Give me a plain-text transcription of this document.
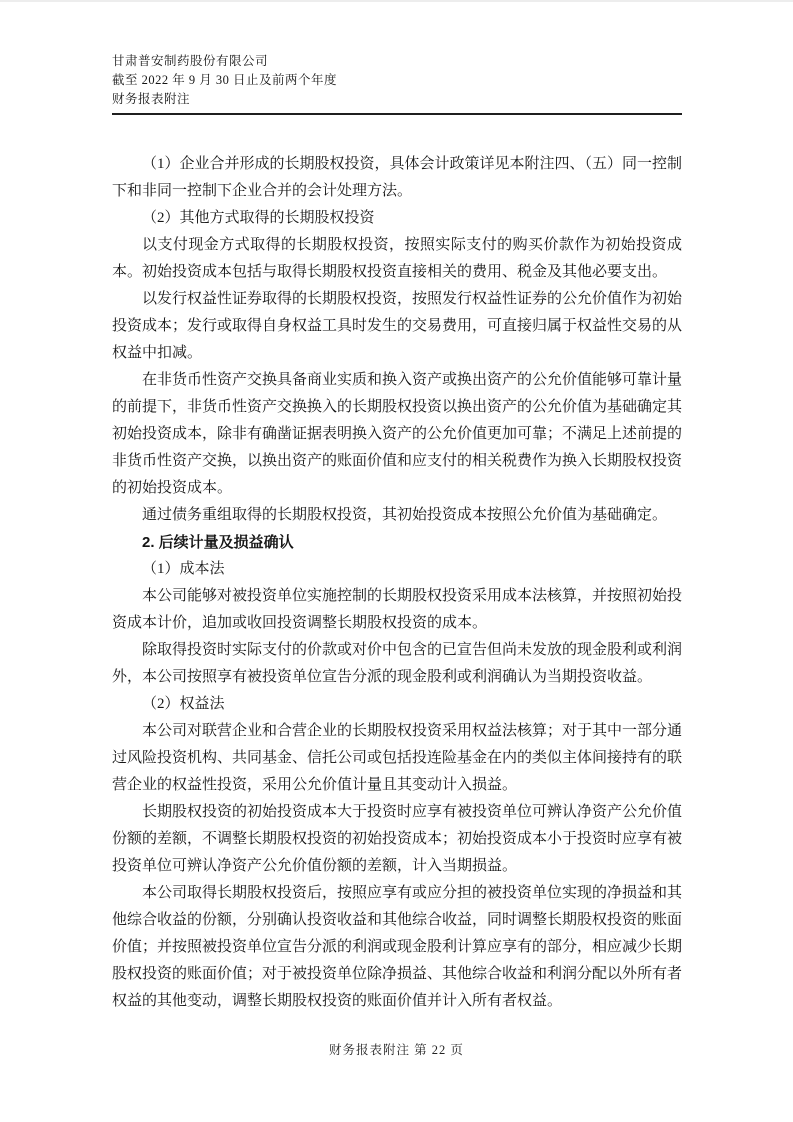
甘肃普安制药股份有限公司
截至 2022 年 9 月 30 日止及前两个年度
财务报表附注

（1）企业合并形成的长期股权投资，具体会计政策详见本附注四、（五）同一控制下和非同一控制下企业合并的会计处理方法。

（2）其他方式取得的长期股权投资

以支付现金方式取得的长期股权投资，按照实际支付的购买价款作为初始投资成本。初始投资成本包括与取得长期股权投资直接相关的费用、税金及其他必要支出。

以发行权益性证券取得的长期股权投资，按照发行权益性证券的公允价值作为初始投资成本；发行或取得自身权益工具时发生的交易费用，可直接归属于权益性交易的从权益中扣减。

在非货币性资产交换具备商业实质和换入资产或换出资产的公允价值能够可靠计量的前提下，非货币性资产交换换入的长期股权投资以换出资产的公允价值为基础确定其初始投资成本，除非有确凿证据表明换入资产的公允价值更加可靠；不满足上述前提的非货币性资产交换，以换出资产的账面价值和应支付的相关税费作为换入长期股权投资的初始投资成本。

通过债务重组取得的长期股权投资，其初始投资成本按照公允价值为基础确定。

2. 后续计量及损益确认

（1）成本法

本公司能够对被投资单位实施控制的长期股权投资采用成本法核算，并按照初始投资成本计价，追加或收回投资调整长期股权投资的成本。

除取得投资时实际支付的价款或对价中包含的已宣告但尚未发放的现金股利或利润外，本公司按照享有被投资单位宣告分派的现金股利或利润确认为当期投资收益。

（2）权益法

本公司对联营企业和合营企业的长期股权投资采用权益法核算；对于其中一部分通过风险投资机构、共同基金、信托公司或包括投连险基金在内的类似主体间接持有的联营企业的权益性投资，采用公允价值计量且其变动计入损益。

长期股权投资的初始投资成本大于投资时应享有被投资单位可辨认净资产公允价值份额的差额，不调整长期股权投资的初始投资成本；初始投资成本小于投资时应享有被投资单位可辨认净资产公允价值份额的差额，计入当期损益。

本公司取得长期股权投资后，按照应享有或应分担的被投资单位实现的净损益和其他综合收益的份额，分别确认投资收益和其他综合收益，同时调整长期股权投资的账面价值；并按照被投资单位宣告分派的利润或现金股利计算应享有的部分，相应减少长期股权投资的账面价值；对于被投资单位除净损益、其他综合收益和利润分配以外所有者权益的其他变动，调整长期股权投资的账面价值并计入所有者权益。

财务报表附注 第 22 页
